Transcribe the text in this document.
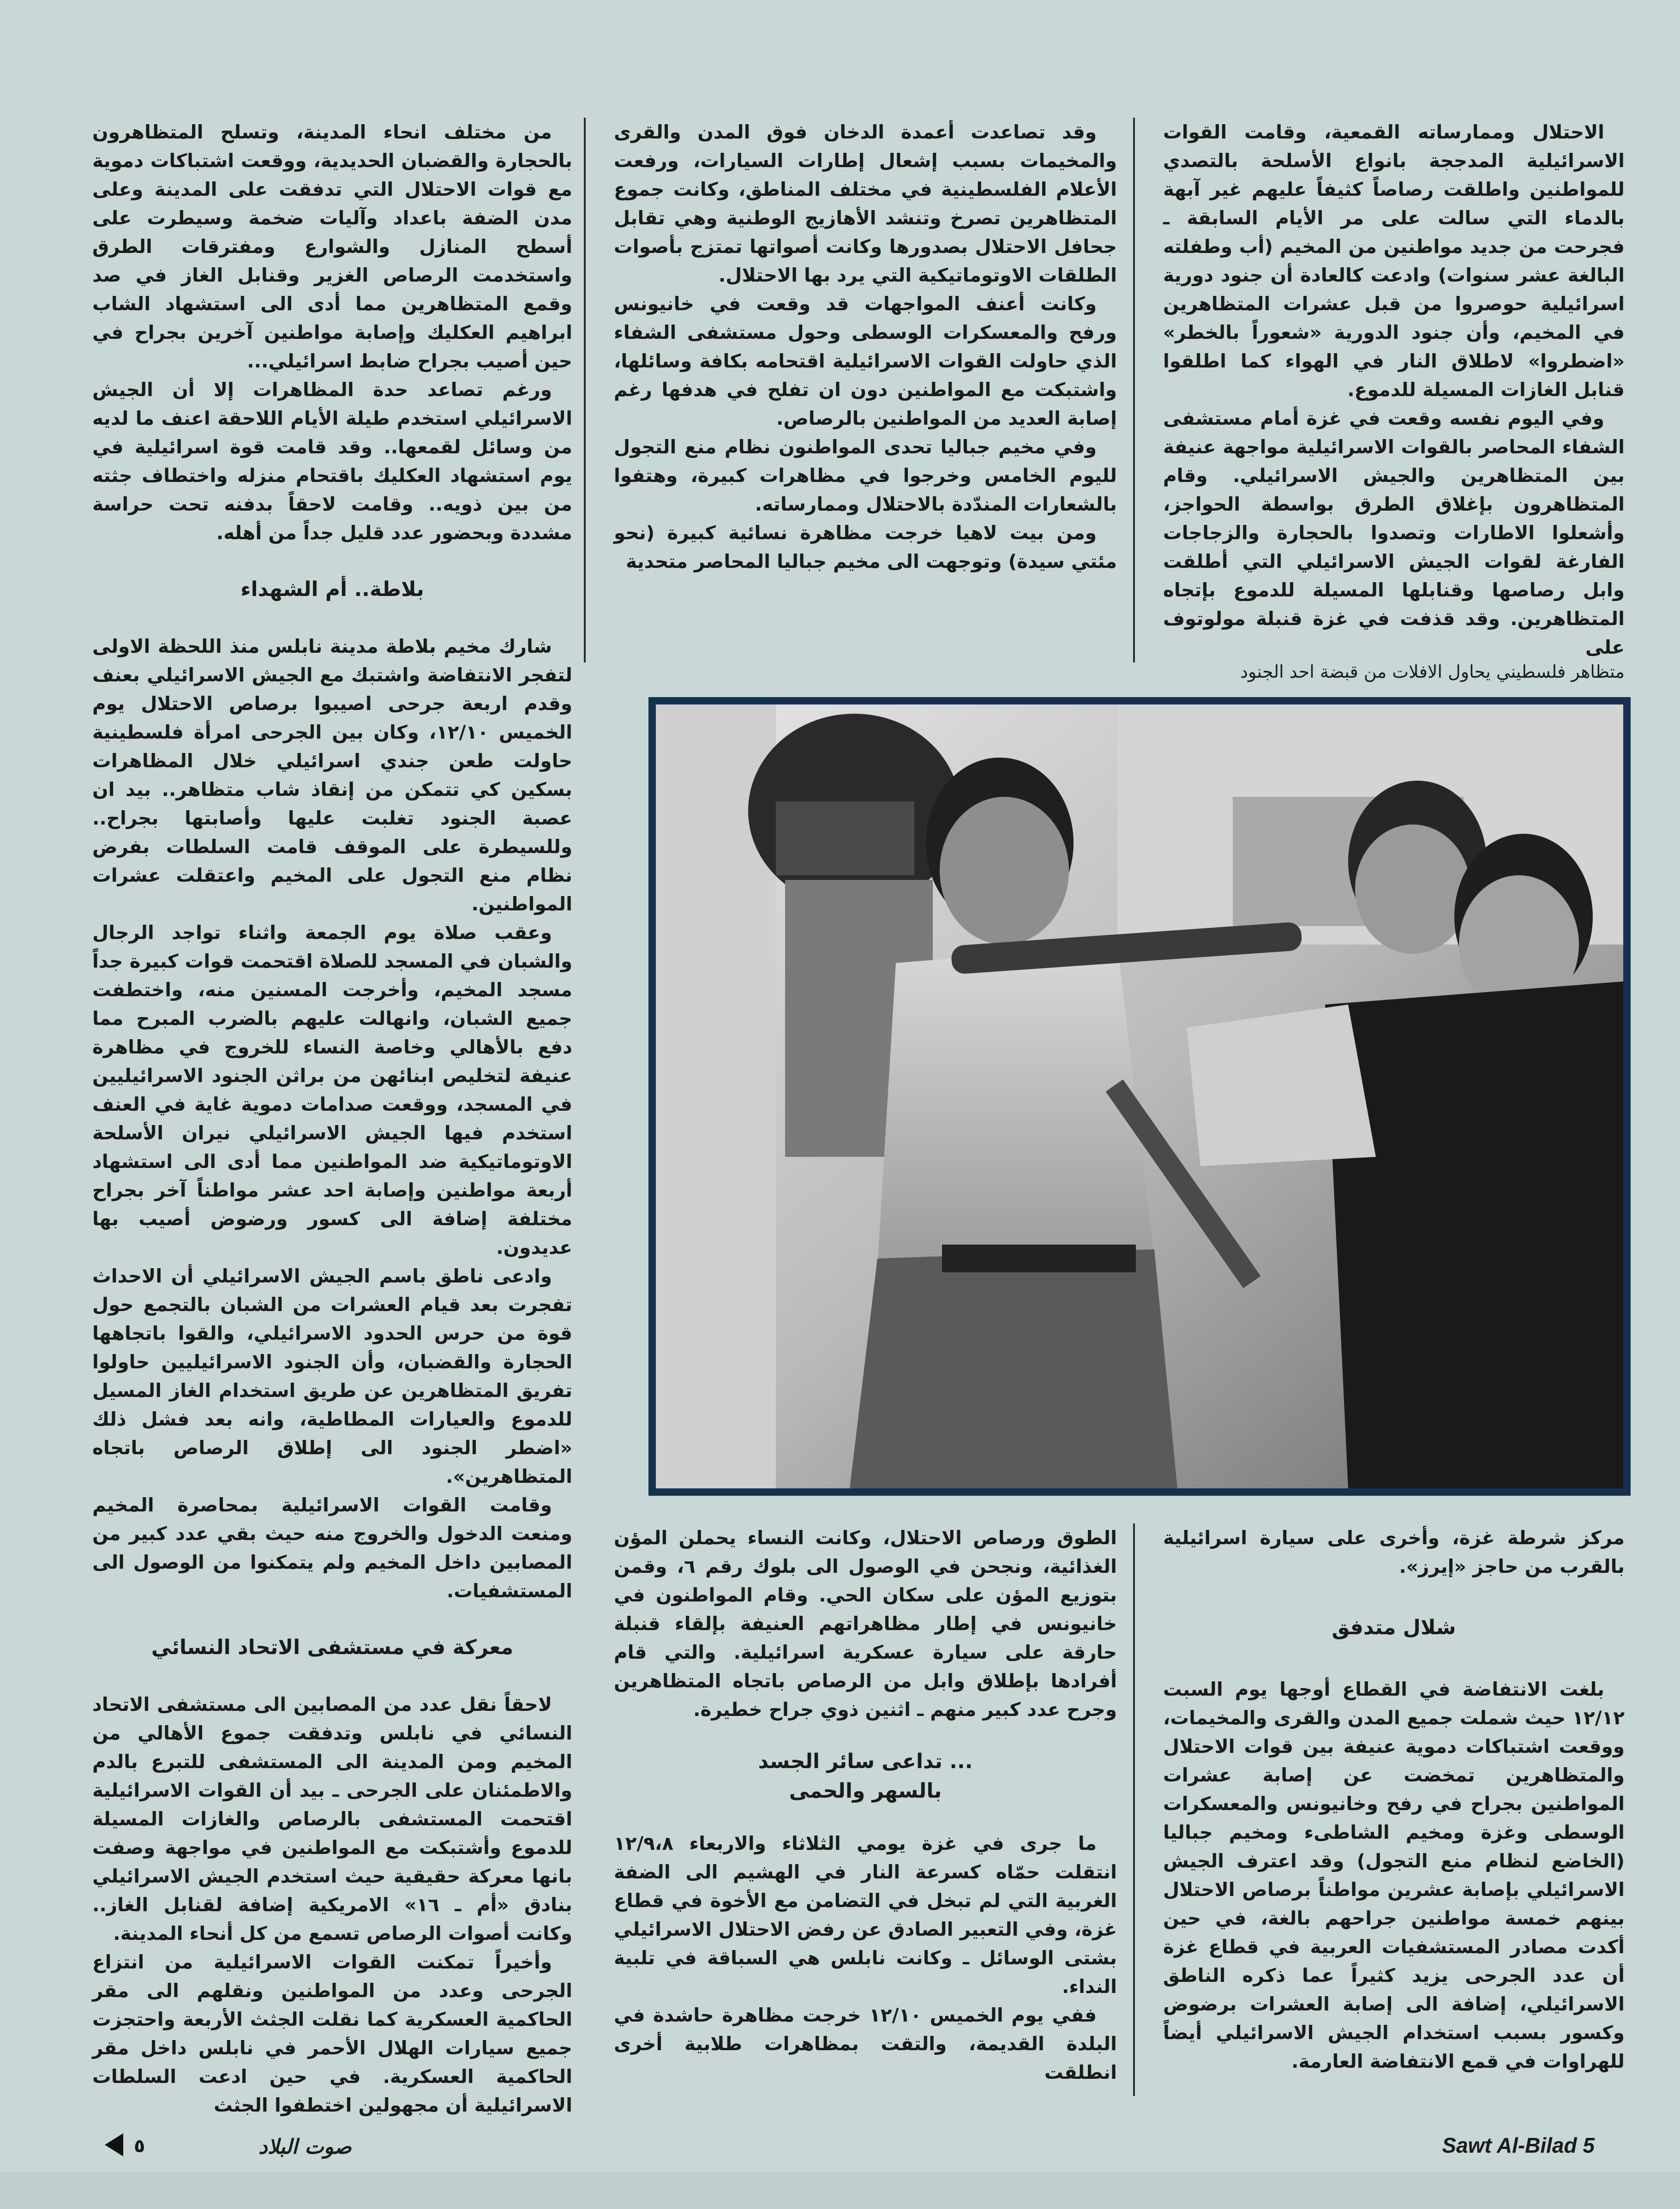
الاحتلال وممارساته القمعية، وقامت القوات الاسرائيلية المدججة بانواع الأسلحة بالتصدي للمواطنين واطلقت رصاصاً كثيفاً عليهم غير آبهة بالدماء التي سالت على مر الأيام السابقة ـ فجرحت من جديد مواطنين من المخيم (أب وطفلته البالغة عشر سنوات) وادعت كالعادة أن جنود دورية اسرائيلية حوصروا من قبل عشرات المتظاهرين في المخيم، وأن جنود الدورية «شعوراً بالخطر» «اضطروا» لاطلاق النار في الهواء كما اطلقوا قنابل الغازات المسيلة للدموع.

وفي اليوم نفسه وقعت في غزة أمام مستشفى الشفاء المحاصر بالقوات الاسرائيلية مواجهة عنيفة بين المتظاهرين والجيش الاسرائيلي. وقام المتظاهرون بإغلاق الطرق بواسطة الحواجز، وأشعلوا الاطارات وتصدوا بالحجارة والزجاجات الفارغة لقوات الجيش الاسرائيلي التي أطلقت وابل رصاصها وقنابلها المسيلة للدموع بإتجاه المتظاهرين. وقد قذفت في غزة قنبلة مولوتوف على

وقد تصاعدت أعمدة الدخان فوق المدن والقرى والمخيمات بسبب إشعال إطارات السيارات، ورفعت الأعلام الفلسطينية في مختلف المناطق، وكانت جموع المتظاهرين تصرخ وتنشد الأهازيج الوطنية وهي تقابل جحافل الاحتلال بصدورها وكانت أصواتها تمتزج بأصوات الطلقات الاوتوماتيكية التي يرد بها الاحتلال.

وكانت أعنف المواجهات قد وقعت في خانيونس ورفح والمعسكرات الوسطى وحول مستشفى الشفاء الذي حاولت القوات الاسرائيلية اقتحامه بكافة وسائلها، واشتبكت مع المواطنين دون ان تفلح في هدفها رغم إصابة العديد من المواطنين بالرصاص.

وفي مخيم جباليا تحدى المواطنون نظام منع التجول لليوم الخامس وخرجوا في مظاهرات كبيرة، وهتفوا بالشعارات المندّدة بالاحتلال وممارساته.

ومن بيت لاهيا خرجت مظاهرة نسائية كبيرة (نحو مئتي سيدة) وتوجهت الى مخيم جباليا المحاصر متحدية

من مختلف انحاء المدينة، وتسلح المتظاهرون بالحجارة والقضبان الحديدية، ووقعت اشتباكات دموية مع قوات الاحتلال التي تدفقت على المدينة وعلى مدن الضفة باعداد وآليات ضخمة وسيطرت على أسطح المنازل والشوارع ومفترقات الطرق واستخدمت الرصاص الغزير وقنابل الغاز في صد وقمع المتظاهرين مما أدى الى استشهاد الشاب ابراهيم العكليك وإصابة مواطنين آخرين بجراح في حين أصيب بجراح ضابط اسرائيلي...

ورغم تصاعد حدة المظاهرات إلا أن الجيش الاسرائيلي استخدم طيلة الأيام اللاحقة اعنف ما لديه من وسائل لقمعها.. وقد قامت قوة اسرائيلية في يوم استشهاد العكليك باقتحام منزله واختطاف جثته من بين ذويه.. وقامت لاحقاً بدفنه تحت حراسة مشددة وبحضور عدد قليل جداً من أهله.

بلاطة.. أم الشهداء

شارك مخيم بلاطة مدينة نابلس منذ اللحظة الاولى لتفجر الانتفاضة واشتبك مع الجيش الاسرائيلي بعنف وقدم اربعة جرحى اصيبوا برصاص الاحتلال يوم الخميس ١٢/١٠، وكان بين الجرحى امرأة فلسطينية حاولت طعن جندي اسرائيلي خلال المظاهرات بسكين كي تتمكن من إنقاذ شاب متظاهر.. بيد ان عصبة الجنود تغلبت عليها وأصابتها بجراح.. وللسيطرة على الموقف قامت السلطات بفرض نظام منع التجول على المخيم واعتقلت عشرات المواطنين.

وعقب صلاة يوم الجمعة واثناء تواجد الرجال والشبان في المسجد للصلاة اقتحمت قوات كبيرة جداً مسجد المخيم، وأخرجت المسنين منه، واختطفت جميع الشبان، وانهالت عليهم بالضرب المبرح مما دفع بالأهالي وخاصة النساء للخروج في مظاهرة عنيفة لتخليص ابنائهن من براثن الجنود الاسرائيليين في المسجد، ووقعت صدامات دموية غاية في العنف استخدم فيها الجيش الاسرائيلي نيران الأسلحة الاوتوماتيكية ضد المواطنين مما أدى الى استشهاد أربعة مواطنين وإصابة احد عشر مواطناً آخر بجراح مختلفة إضافة الى كسور ورضوض أصيب بها عديدون.

وادعى ناطق باسم الجيش الاسرائيلي أن الاحداث تفجرت بعد قيام العشرات من الشبان بالتجمع حول قوة من حرس الحدود الاسرائيلي، والقوا باتجاهها الحجارة والقضبان، وأن الجنود الاسرائيليين حاولوا تفريق المتظاهرين عن طريق استخدام الغاز المسيل للدموع والعيارات المطاطية، وانه بعد فشل ذلك «اضطر الجنود الى إطلاق الرصاص باتجاه المتظاهرين».

وقامت القوات الاسرائيلية بمحاصرة المخيم ومنعت الدخول والخروج منه حيث بقي عدد كبير من المصابين داخل المخيم ولم يتمكنوا من الوصول الى المستشفيات.

معركة في مستشفى الاتحاد النسائي

لاحقاً نقل عدد من المصابين الى مستشفى الاتحاد النسائي في نابلس وتدفقت جموع الأهالي من المخيم ومن المدينة الى المستشفى للتبرع بالدم والاطمئنان على الجرحى ـ بيد أن القوات الاسرائيلية اقتحمت المستشفى بالرصاص والغازات المسيلة للدموع وأشتبكت مع المواطنين في مواجهة وصفت بانها معركة حقيقية حيث استخدم الجيش الاسرائيلي بنادق «أم ـ ١٦» الامريكية إضافة لقنابل الغاز.. وكانت أصوات الرصاص تسمع من كل أنحاء المدينة.

وأخيراً تمكنت القوات الاسرائيلية من انتزاع الجرحى وعدد من المواطنين ونقلهم الى مقر الحاكمية العسكرية كما نقلت الجثث الأربعة واحتجزت جميع سيارات الهلال الأحمر في نابلس داخل مقر الحاكمية العسكرية. في حين ادعت السلطات الاسرائيلية أن مجهولين اختطفوا الجثث

متظاهر فلسطيني يحاول الافلات من قبضة احد الجنود

مركز شرطة غزة، وأخرى على سيارة اسرائيلية بالقرب من حاجز «إيرز».

شلال متدفق

بلغت الانتفاضة في القطاع أوجها يوم السبت ١٢/١٢ حيث شملت جميع المدن والقرى والمخيمات، ووقعت اشتباكات دموية عنيفة بين قوات الاحتلال والمتظاهرين تمخضت عن إصابة عشرات المواطنين بجراح في رفح وخانيونس والمعسكرات الوسطى وغزة ومخيم الشاطىء ومخيم جباليا (الخاضع لنظام منع التجول) وقد اعترف الجيش الاسرائيلي بإصابة عشرين مواطناً برصاص الاحتلال بينهم خمسة مواطنين جراحهم بالغة، في حين أكدت مصادر المستشفيات العربية في قطاع غزة أن عدد الجرحى يزيد كثيراً عما ذكره الناطق الاسرائيلي، إضافة الى إصابة العشرات برضوض وكسور بسبب استخدام الجيش الاسرائيلي أيضاً للهراوات في قمع الانتفاضة العارمة.

الطوق ورصاص الاحتلال، وكانت النساء يحملن المؤن الغذائية، ونجحن في الوصول الى بلوك رقم ٦، وقمن بتوزيع المؤن على سكان الحي. وقام المواطنون في خانيونس في إطار مظاهراتهم العنيفة بإلقاء قنبلة حارقة على سيارة عسكرية اسرائيلية. والتي قام أفرادها بإطلاق وابل من الرصاص باتجاه المتظاهرين وجرح عدد كبير منهم ـ اثنين ذوي جراح خطيرة.

... تداعى سائر الجسد
بالسهر والحمى

ما جرى في غزة يومي الثلاثاء والاربعاء ١٢/٩،٨ انتقلت حمّاه كسرعة النار في الهشيم الى الضفة الغربية التي لم تبخل في التضامن مع الأخوة في قطاع غزة، وفي التعبير الصادق عن رفض الاحتلال الاسرائيلي بشتى الوسائل ـ وكانت نابلس هي السباقة في تلبية النداء.

ففي يوم الخميس ١٢/١٠ خرجت مظاهرة حاشدة في البلدة القديمة، والتقت بمظاهرات طلابية أخرى انطلقت

٥	صوت البلاد	Sawt Al-Bilad 5
